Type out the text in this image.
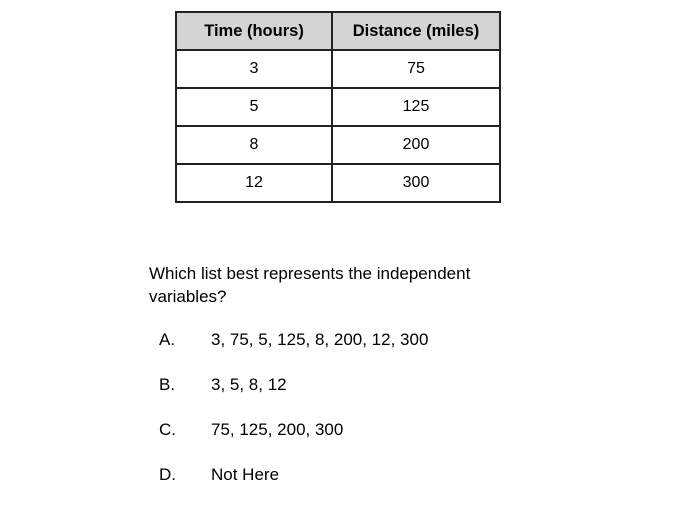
Time (hours)	Distance (miles)
3	75
5	125
8	200
12	300

Which list best represents the independent variables?

A.	3, 75, 5, 125, 8, 200, 12, 300
B.	3, 5, 8, 12
C.	75, 125, 200, 300
D.	Not Here
